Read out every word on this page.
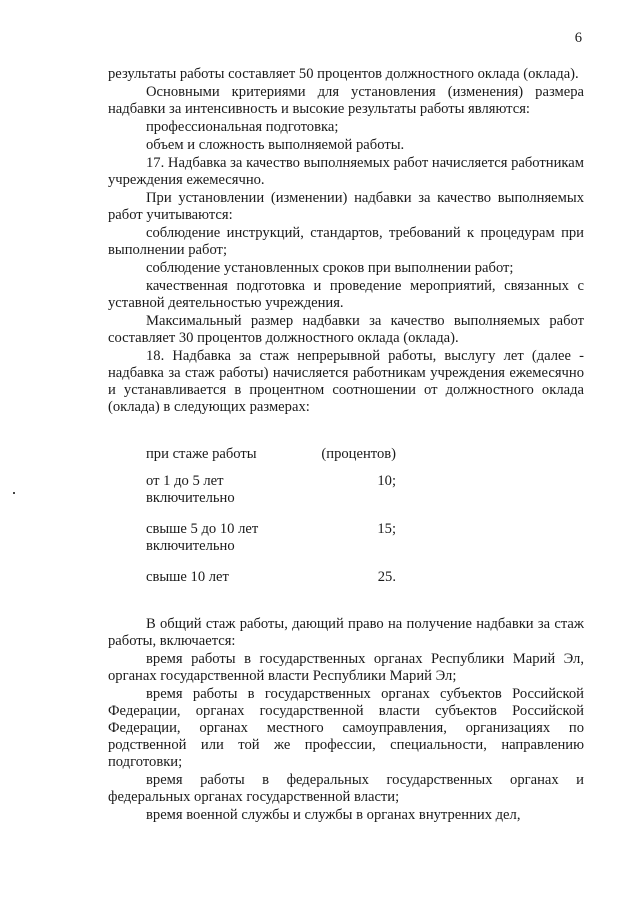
6

результаты работы составляет 50 процентов должностного оклада (оклада).

Основными критериями для установления (изменения) размера надбавки за интенсивность и высокие результаты работы являются:

профессиональная подготовка;

объем и сложность выполняемой работы.

17. Надбавка за качество выполняемых работ начисляется работникам учреждения ежемесячно.

При установлении (изменении) надбавки за качество выполняемых работ учитываются:

соблюдение инструкций, стандартов, требований к процедурам при выполнении работ;

соблюдение установленных сроков при выполнении работ;

качественная подготовка и проведение мероприятий, связанных с уставной деятельностью учреждения.

Максимальный размер надбавки за качество выполняемых работ составляет 30 процентов должностного оклада (оклада).

18. Надбавка за стаж непрерывной работы, выслугу лет (далее - надбавка за стаж работы) начисляется работникам учреждения ежемесячно и устанавливается в процентном соотношении от должностного оклада (оклада) в следующих размерах:

при стаже работы	(процентов)
от 1 до 5 лет включительно	10;
свыше 5 до 10 лет включительно	15;
свыше 10 лет	25.

В общий стаж работы, дающий право на получение надбавки за стаж работы, включается:

время работы в государственных органах Республики Марий Эл, органах государственной власти Республики Марий Эл;

время работы в государственных органах субъектов Российской Федерации, органах государственной власти субъектов Российской Федерации, органах местного самоуправления, организациях по родственной или той же профессии, специальности, направлению подготовки;

время работы в федеральных государственных органах и федеральных органах государственной власти;

время военной службы и службы в органах внутренних дел,
